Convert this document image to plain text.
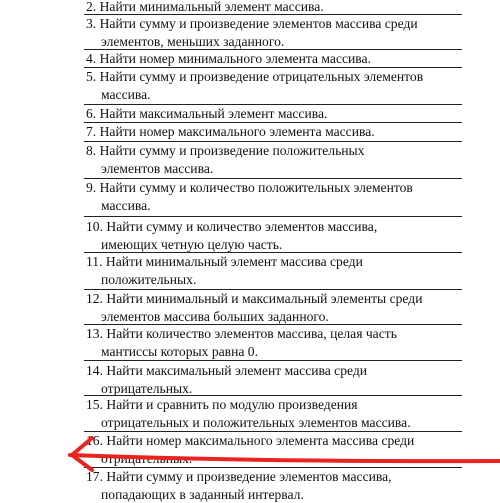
2. Найти минимальный элемент массива.
3. Найти сумму и произведение элементов массива среди
элементов, меньших заданного.
4. Найти номер минимального элемента массива.
5. Найти сумму и произведение отрицательных элементов
массива.
6. Найти максимальный элемент массива.
7. Найти номер максимального элемента массива.
8. Найти сумму и произведение положительных
элементов массива.
9. Найти сумму и количество положительных элементов
массива.
10. Найти сумму и количество элементов массива,
имеющих четную целую часть.
11. Найти минимальный элемент массива среди
положительных.
12. Найти минимальный и максимальный элементы среди
элементов массива больших заданного.
13. Найти количество элементов массива, целая часть
мантиссы которых равна 0.
14. Найти максимальный элемент массива среди
отрицательных.
15. Найти и сравнить по модулю произведения
отрицательных и положительных элементов массива.
16. Найти номер максимального элемента массива среди
отрицательных.
17. Найти сумму и произведение элементов массива,
попадающих в заданный интервал.
